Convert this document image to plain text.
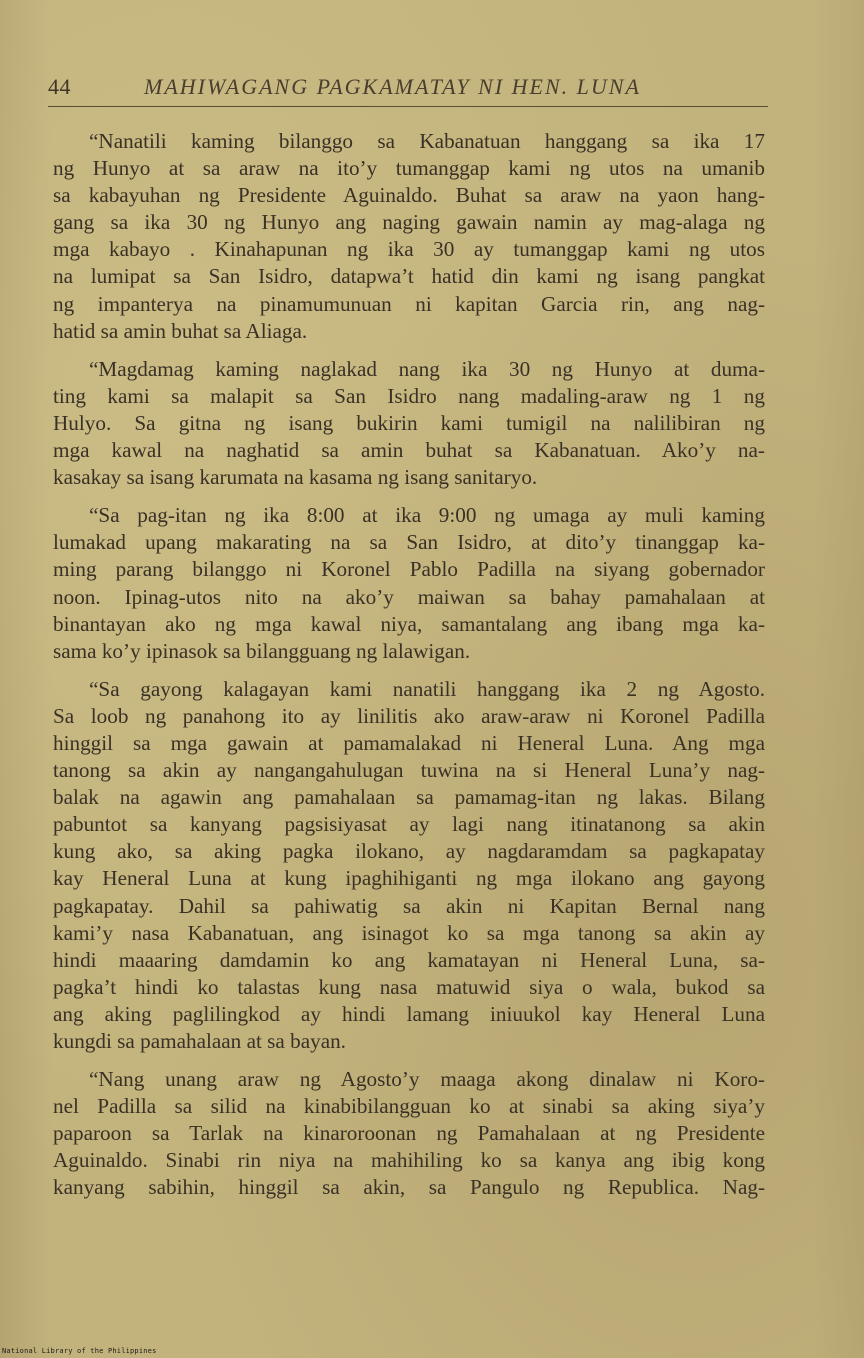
44	MAHIWAGANG PAGKAMATAY NI HEN. LUNA

“Nanatili kaming bilanggo sa Kabanatuan hanggang sa ika 17
ng Hunyo at sa araw na ito’y tumanggap kami ng utos na umanib
sa kabayuhan ng Presidente Aguinaldo. Buhat sa araw na yaon hang-
gang sa ika 30 ng Hunyo ang naging gawain namin ay mag-alaga ng
mga kabayo . Kinahapunan ng ika 30 ay tumanggap kami ng utos
na lumipat sa San Isidro, datapwa’t hatid din kami ng isang pangkat
ng impanterya na pinamumunuan ni kapitan Garcia rin, ang nag-
hatid sa amin buhat sa Aliaga.

“Magdamag kaming naglakad nang ika 30 ng Hunyo at duma-
ting kami sa malapit sa San Isidro nang madaling-araw ng 1 ng
Hulyo. Sa gitna ng isang bukirin kami tumigil na nalilibiran ng
mga kawal na naghatid sa amin buhat sa Kabanatuan. Ako’y na-
kasakay sa isang karumata na kasama ng isang sanitaryo.

“Sa pag-itan ng ika 8:00 at ika 9:00 ng umaga ay muli kaming
lumakad upang makarating na sa San Isidro, at dito’y tinanggap ka-
ming parang bilanggo ni Koronel Pablo Padilla na siyang gobernador
noon. Ipinag-utos nito na ako’y maiwan sa bahay pamahalaan at
binantayan ako ng mga kawal niya, samantalang ang ibang mga ka-
sama ko’y ipinasok sa bilangguang ng lalawigan.

“Sa gayong kalagayan kami nanatili hanggang ika 2 ng Agosto.
Sa loob ng panahong ito ay linilitis ako araw-araw ni Koronel Padilla
hinggil sa mga gawain at pamamalakad ni Heneral Luna. Ang mga
tanong sa akin ay nangangahulugan tuwina na si Heneral Luna’y nag-
balak na agawin ang pamahalaan sa pamamag-itan ng lakas. Bilang
pabuntot sa kanyang pagsisiyasat ay lagi nang itinatanong sa akin
kung ako, sa aking pagka ilokano, ay nagdaramdam sa pagkapatay
kay Heneral Luna at kung ipaghihiganti ng mga ilokano ang gayong
pagkapatay. Dahil sa pahiwatig sa akin ni Kapitan Bernal nang
kami’y nasa Kabanatuan, ang isinagot ko sa mga tanong sa akin ay
hindi maaaring damdamin ko ang kamatayan ni Heneral Luna, sa-
pagka’t hindi ko talastas kung nasa matuwid siya o wala, bukod sa
ang aking paglilingkod ay hindi lamang iniuukol kay Heneral Luna
kungdi sa pamahalaan at sa bayan.

“Nang unang araw ng Agosto’y maaga akong dinalaw ni Koro-
nel Padilla sa silid na kinabibilangguan ko at sinabi sa aking siya’y
paparoon sa Tarlak na kinaroroonan ng Pamahalaan at ng Presidente
Aguinaldo. Sinabi rin niya na mahihiling ko sa kanya ang ibig kong
kanyang sabihin, hinggil sa akin, sa Pangulo ng Republica. Nag-

National Library of the Philippines
